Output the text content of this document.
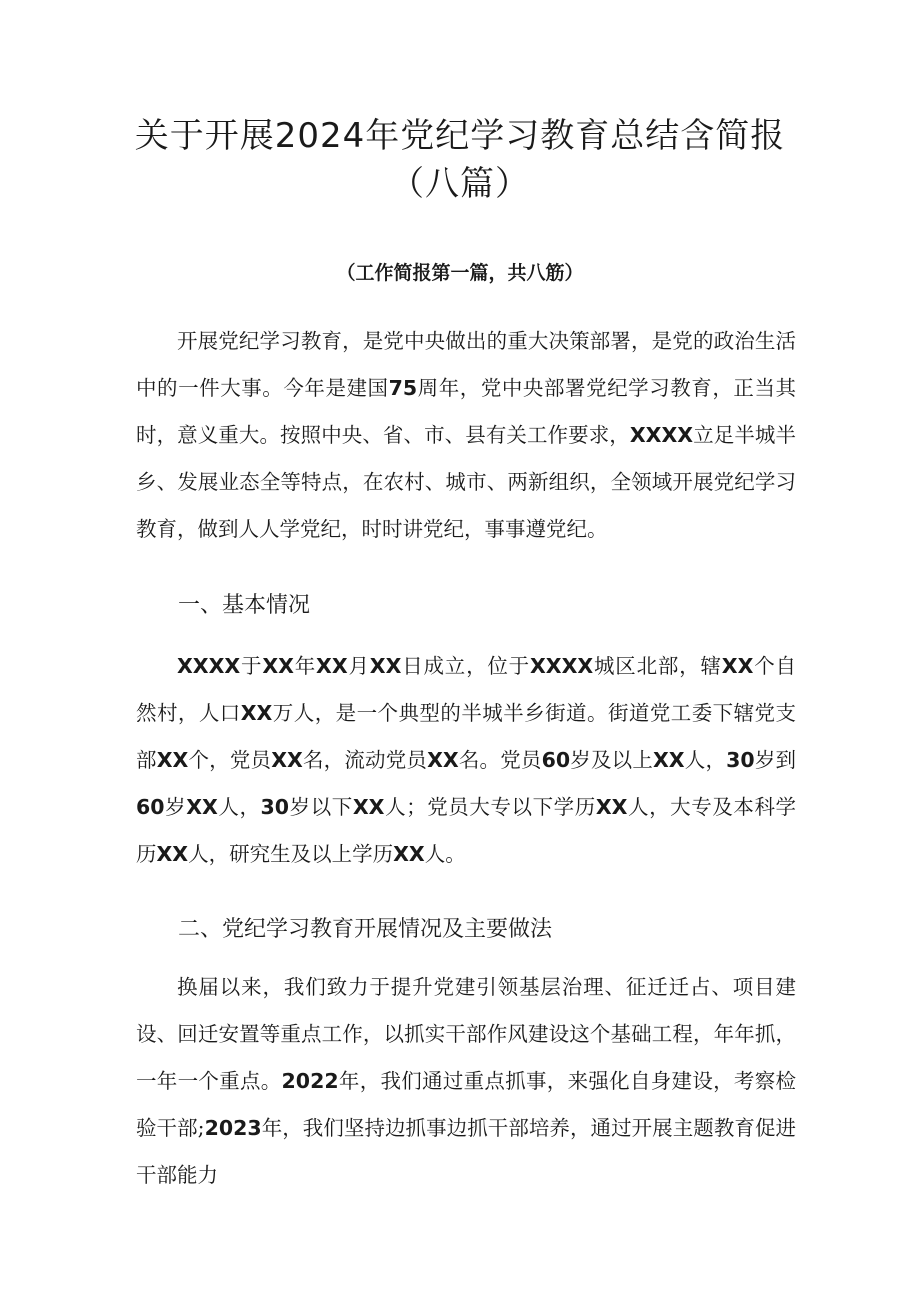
关于开展2024年党纪学习教育总结含简报
（八篇）
（工作简报第一篇，共八筋）
开展党纪学习教育，是党中央做出的重大决策部署，是党的政治生活中的一件大事。今年是建国75周年，党中央部署党纪学习教育，正当其时，意义重大。按照中央、省、市、县有关工作要求，XXXX立足半城半乡、发展业态全等特点，在农村、城市、两新组织，全领域开展党纪学习教育，做到人人学党纪，时时讲党纪，事事遵党纪。
一、基本情况
XXXX于XX年XX月XX日成立，位于XXXX城区北部，辖XX个自然村，人口XX万人，是一个典型的半城半乡街道。街道党工委下辖党支部XX个，党员XX名，流动党员XX名。党员60岁及以上XX人，30岁到60岁XX人，30岁以下XX人；党员大专以下学历XX人，大专及本科学历XX人，研究生及以上学历XX人。
二、党纪学习教育开展情况及主要做法
换届以来，我们致力于提升党建引领基层治理、征迁迁占、项目建设、回迁安置等重点工作，以抓实干部作风建设这个基础工程，年年抓，一年一个重点。2022年，我们通过重点抓事，来强化自身建设，考察检验干部;2023年，我们坚持边抓事边抓干部培养，通过开展主题教育促进干部能力
